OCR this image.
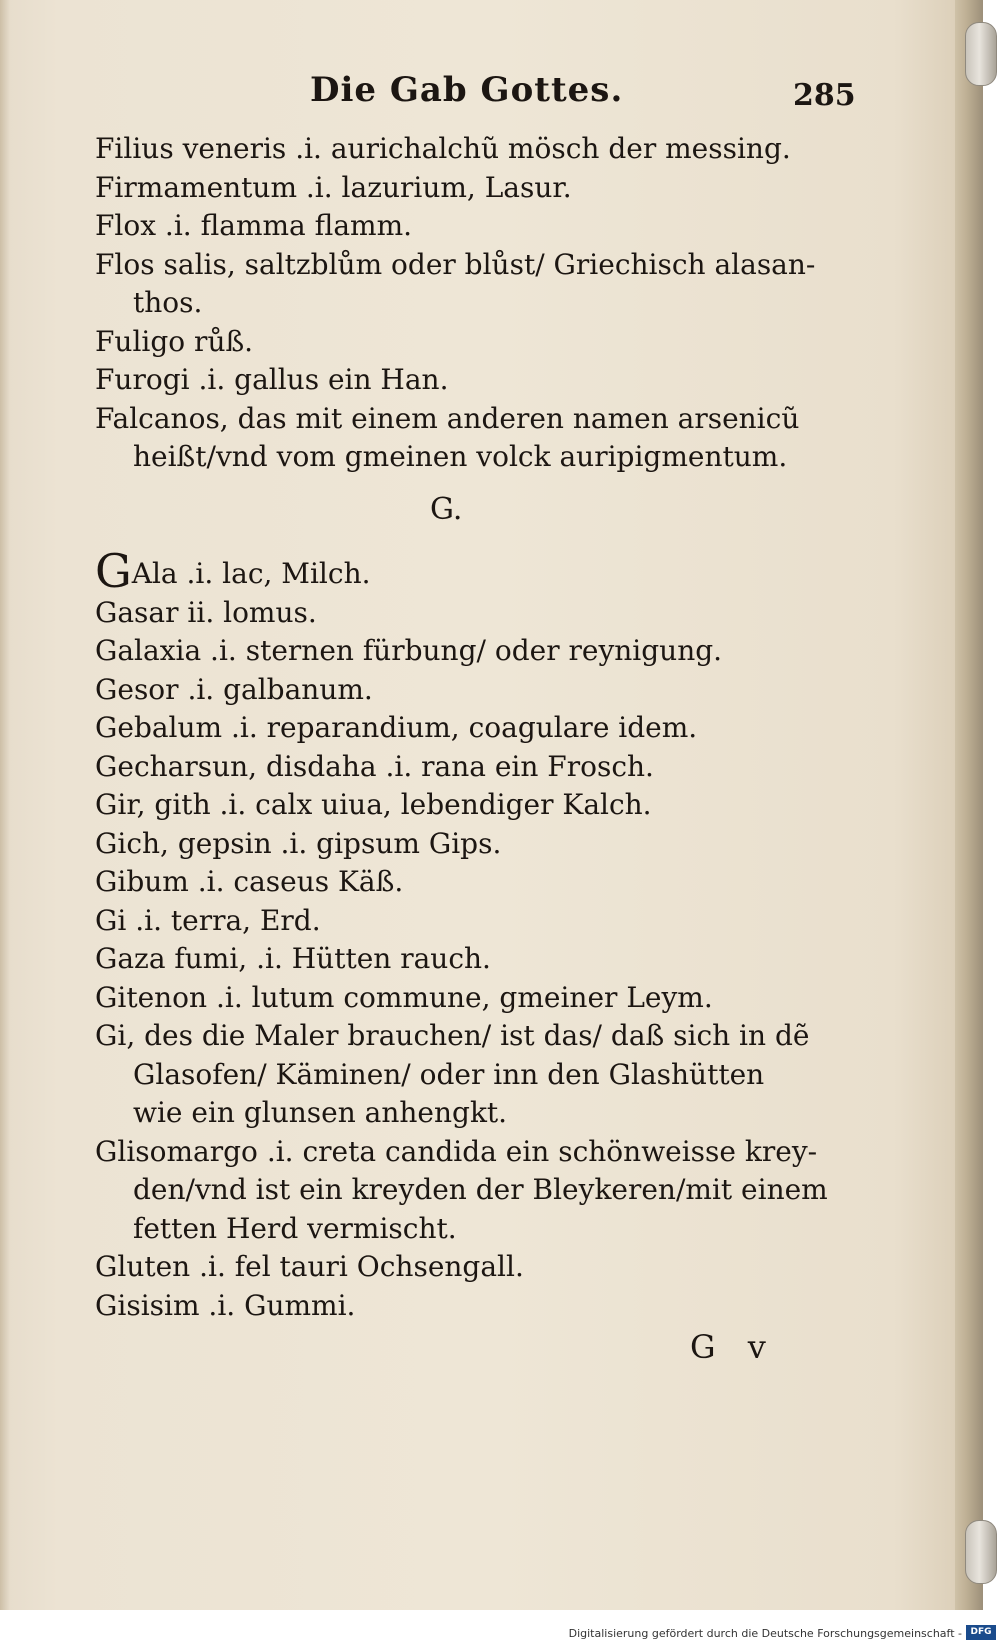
Die Gab Gottes.	285
Filius veneris .i. aurichalchũ mösch der messing.
Firmamentum .i. lazurium, Lasur.
Flox .i. flamma flamm.
Flos salis, saltzblům oder blůst/ Griechisch alasan-
thos.
Fuligo růß.
Furogi .i. gallus ein Han.
Falcanos, das mit einem anderen namen arsenicũ
heißt/vnd vom gmeinen volck auripigmentum.
G.
GAla .i. lac, Milch.
Gasar ii. lomus.
Galaxia .i. sternen fürbung/ oder reynigung.
Gesor .i. galbanum.
Gebalum .i. reparandium, coagulare idem.
Gecharsun, disdaha .i. rana ein Frosch.
Gir, gith .i. calx uiua, lebendiger Kalch.
Gich, gepsin .i. gipsum Gips.
Gibum .i. caseus Käß.
Gi .i. terra, Erd.
Gaza fumi, .i. Hütten rauch.
Gitenon .i. lutum commune, gmeiner Leym.
Gi, des die Maler brauchen/ ist das/ daß sich in dẽ
Glasofen/ Käminen/ oder inn den Glashütten
wie ein glunsen anhengkt.
Glisomargo .i. creta candida ein schönweisse krey-
den/vnd ist ein kreyden der Bleykeren/mit einem
fetten Herd vermischt.
Gluten .i. fel tauri Ochsengall.
Gisisim .i. Gummi.
G v
Digitalisierung gefördert durch die Deutsche Forschungsgemeinschaft - DFG
